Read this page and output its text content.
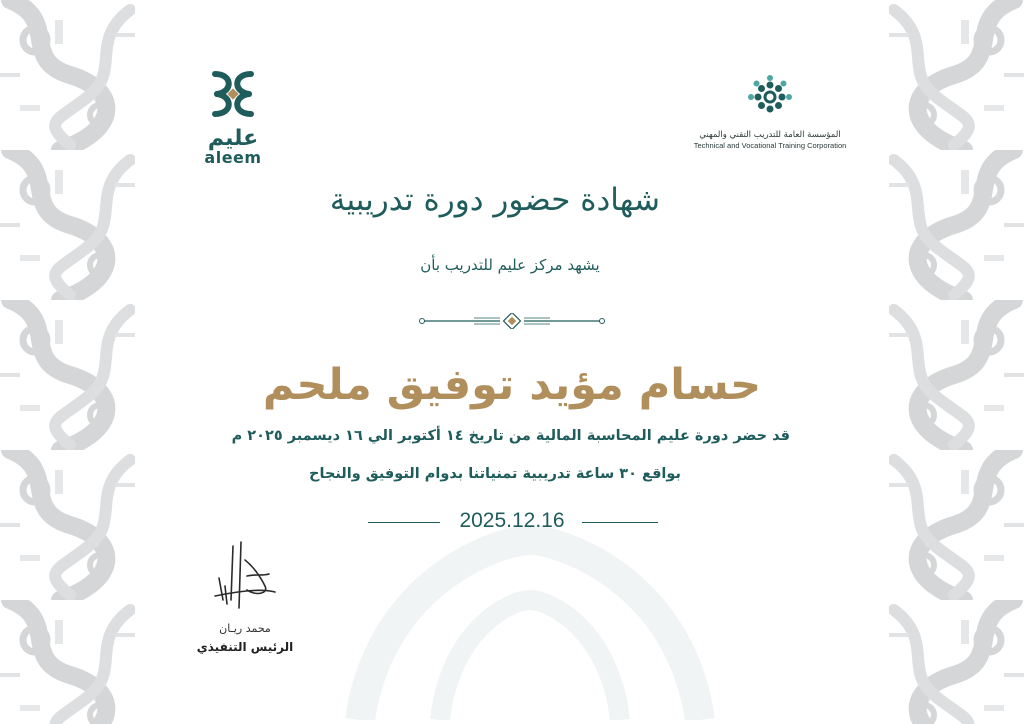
عليم
aleem
المؤسسة العامة للتدريب التقني والمهني
Technical and Vocational Training Corporation
شهادة حضور دورة تدريبية
يشهد مركز عليم للتدريب بأن
حسام مؤيد توفيق ملحم
قد حضر دورة عليم المحاسبة المالية من تاريخ ١٤ أكتوبر الي ١٦ ديسمبر ٢٠٢٥ م
بواقع ٣٠ ساعة تدريبية تمنياتنا بدوام التوفيق والنجاح
2025.12.16
محمد ريـان
الرئيس التنفيذي
